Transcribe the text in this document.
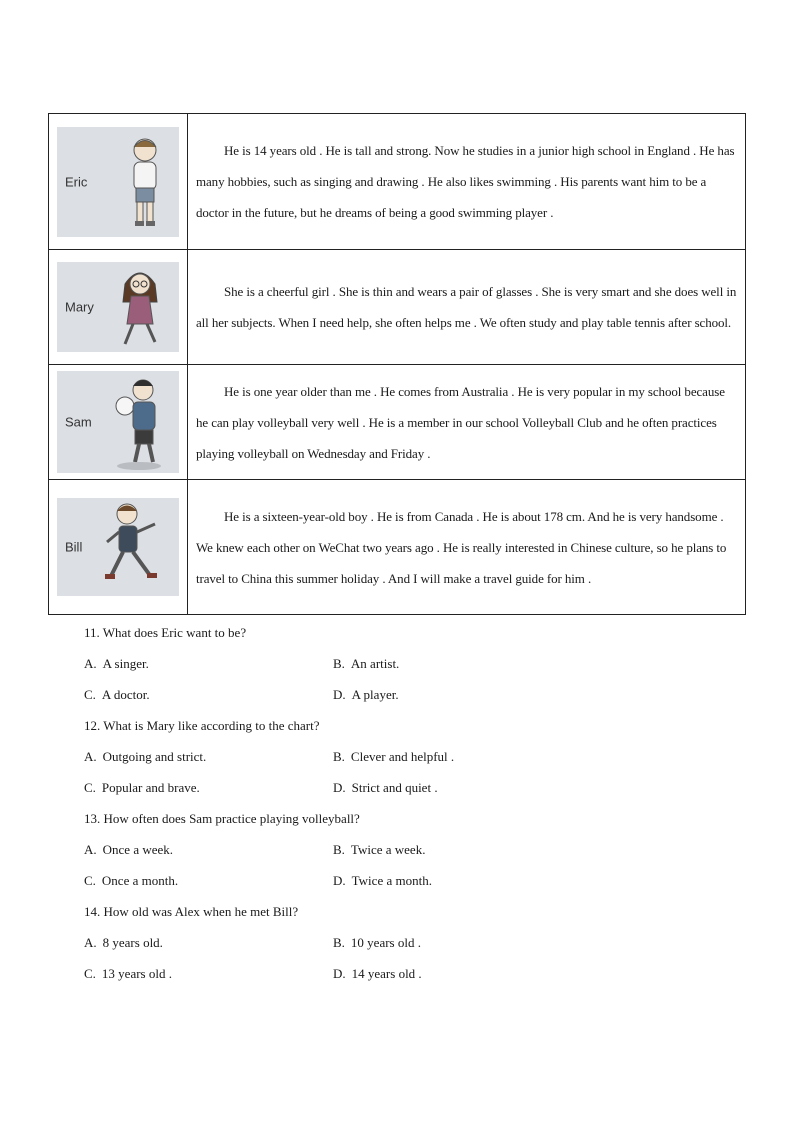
Eric	He is 14 years old . He is tall and strong. Now he studies in a junior high school in England . He has many hobbies, such as singing and drawing . He also likes swimming . His parents want him to be a doctor in the future, but he dreams of being a good swimming player .

Mary	She is a cheerful girl . She is thin and wears a pair of glasses . She is very smart and she does well in all her subjects. When I need help, she often helps me . We often study and play table tennis after school.

Sam	He is one year older than me . He comes from Australia . He is very popular in my school because he can play volleyball very well . He is a member in our school Volleyball Club and he often practices playing volleyball on Wednesday and Friday .

Bill	He is a sixteen-year-old boy . He is from Canada . He is about 178 cm. And he is very handsome . We knew each other on WeChat two years ago . He is really interested in Chinese culture, so he plans to travel to China this summer holiday . And I will make a travel guide for him .
11. What does Eric want to be?
A. A singer.	B. An artist.
C. A doctor.	D. A player.
12. What is Mary like according to the chart?
A. Outgoing and strict.	B. Clever and helpful .
C. Popular and brave.	D. Strict and quiet .
13. How often does Sam practice playing volleyball?
A. Once a week.	B. Twice a week.
C. Once a month.	D. Twice a month.
14. How old was Alex when he met Bill?
A. 8 years old.	B. 10 years old .
C. 13 years old .	D. 14 years old .
